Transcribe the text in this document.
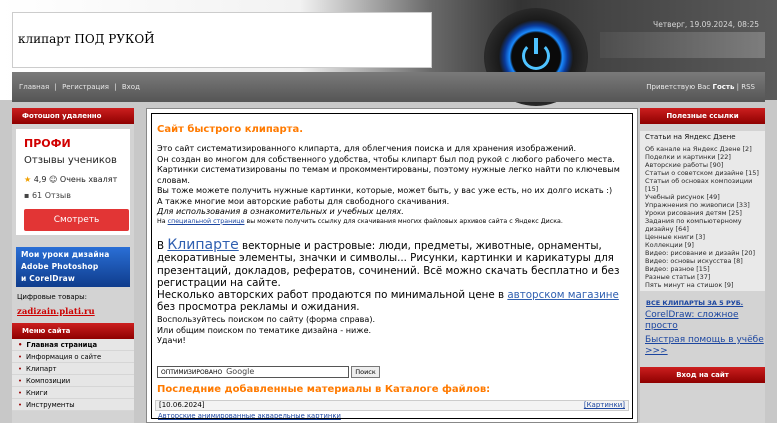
клипарт ПОД РУКОЙ
Четверг, 19.09.2024, 08:25
Главная | Регистрация | Вход	Приветствую Вас Гость | RSS
Фотошоп удаленно
ПРОФИ
Отзывы учеников
★ 4,9 ☺ Очень хвалят
▪ 61 Отзыв
Смотреть
Мои уроки дизайна
Adobe Photoshop
и CorelDraw
Цифровые товары:
zadizain.plati.ru
Меню сайта
• Главная страница
• Информация о сайте
• Клипарт
• Композиции
• Книги
• Инструменты
Сайт быстрого клипарта.
Это сайт систематизированного клипарта, для облегчения поиска и для хранения изображений.
Он создан во многом для собственного удобства, чтобы клипарт был под рукой с любого рабочего места.
Картинки систематизированы по темам и прокомментированы, поэтому нужные легко найти по ключевым словам.
Вы тоже можете получить нужные картинки, которые, может быть, у вас уже есть, но их долго искать :)
А также многие мои авторские работы для свободного скачивания.
Для использования в ознакомительных и учебных целях.
На специальной странице вы можете получить ссылку для скачивания многих файловых архивов сайта с Яндекс Диска.
В Клипарте векторные и растровые: люди, предметы, животные, орнаменты, декоративные элементы, значки и символы... Рисунки, картинки и карикатуры для презентаций, докладов, рефератов, сочинений. Всё можно скачать бесплатно и без регистрации на сайте.
Несколько авторских работ продаются по минимальной цене в авторском магазине без просмотра рекламы и ожидания.
Воспользуйтесь поиском по сайту (форма справа).
Или общим поиском по тематике дизайна - ниже.
Удачи!
ОПТИМИЗИРОВАНО Google	Поиск
Последние добавленные материалы в Каталоге файлов:
[10.06.2024]	[Картинки]
Авторские анимированные акварельные картинки
Полезные ссылки
Статьи на Яндекс Дзене
Об канале на Яндекс Дзене [2]
Поделки и картинки [22]
Авторские работы [90]
Статьи о советском дизайне [15]
Статьи об основах композиции [15]
Учебный рисунок [49]
Упражнения по живописи [33]
Уроки рисования детям [25]
Задания по компьютерному дизайну [64]
Ценные книги [3]
Коллекции [9]
Видео: рисование и дизайн [20]
Видео: основы искусства [8]
Видео: разное [15]
Разные статьи [37]
Пять минут на стишок [9]
ВСЕ КЛИПАРТЫ ЗА 5 РУБ.
CorelDraw: сложное просто
Быстрая помощь в учёбе >>>
Вход на сайт
